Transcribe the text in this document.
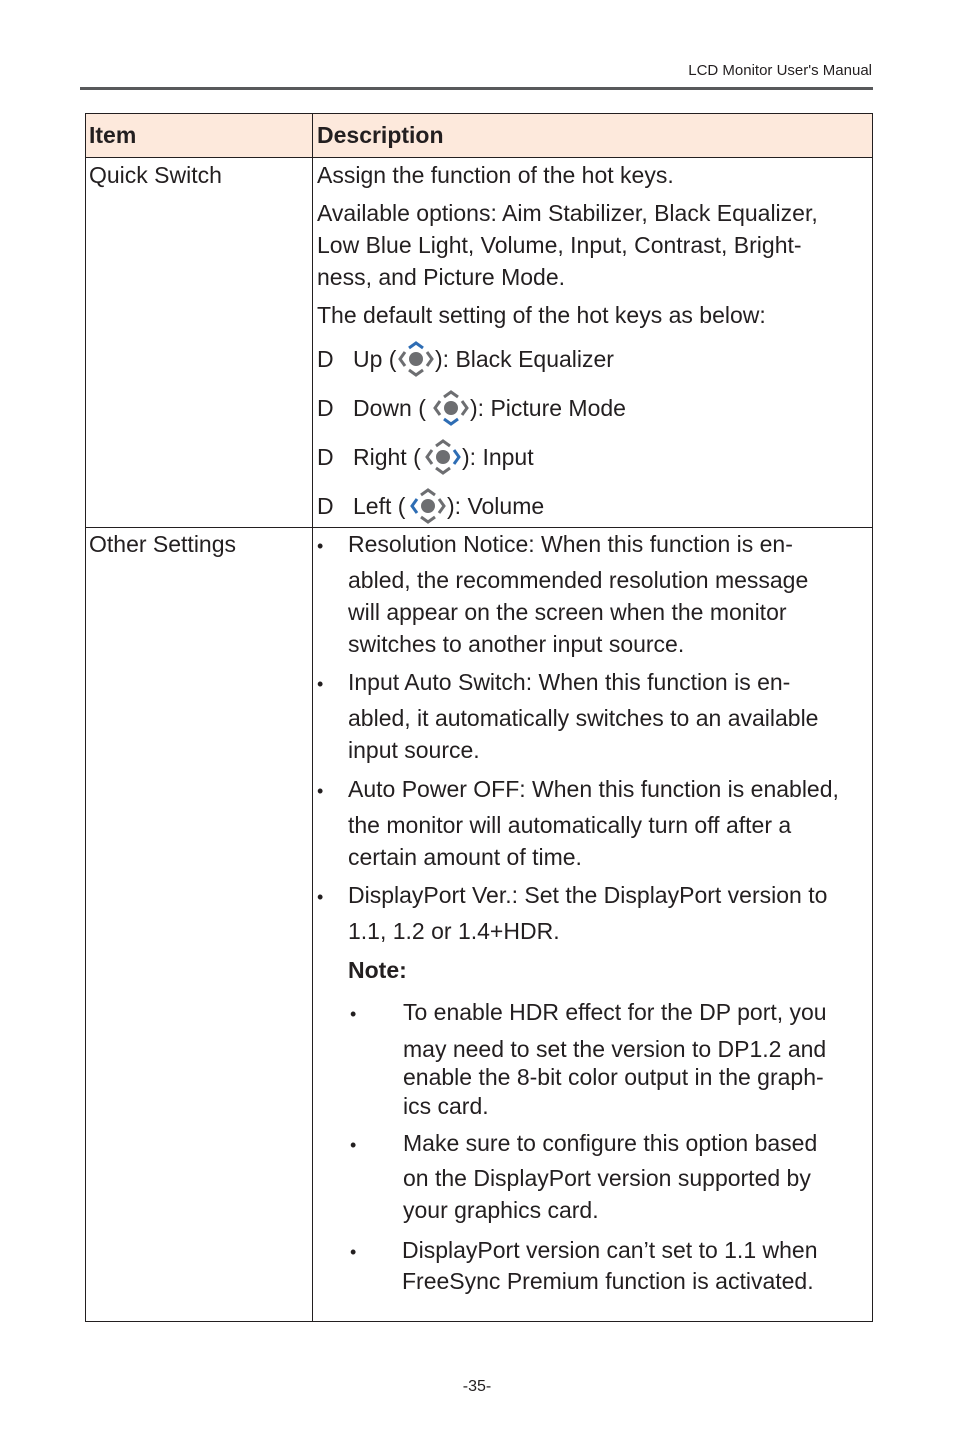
LCD Monitor User's Manual
Item	Description
Quick Switch	Assign the function of the hot keys.
Available options: Aim Stabilizer, Black Equalizer,
Low Blue Light, Volume, Input, Contrast, Bright-
ness, and Picture Mode.
The default setting of the hot keys as below:
D Up ( ): Black Equalizer
D Down ( ): Picture Mode
D Right ( ): Input
D Left ( ): Volume
Other Settings	• Resolution Notice: When this function is en-
abled, the recommended resolution message
will appear on the screen when the monitor
switches to another input source.
• Input Auto Switch: When this function is en-
abled, it automatically switches to an available
input source.
• Auto Power OFF: When this function is enabled,
the monitor will automatically turn off after a
certain amount of time.
• DisplayPort Ver.: Set the DisplayPort version to
1.1, 1.2 or 1.4+HDR.
Note:
• To enable HDR effect for the DP port, you
may need to set the version to DP1.2 and
enable the 8-bit color output in the graph-
ics card.
• Make sure to configure this option based
on the DisplayPort version supported by
your graphics card.
• DisplayPort version can’t set to 1.1 when
FreeSync Premium function is activated.
-35-
